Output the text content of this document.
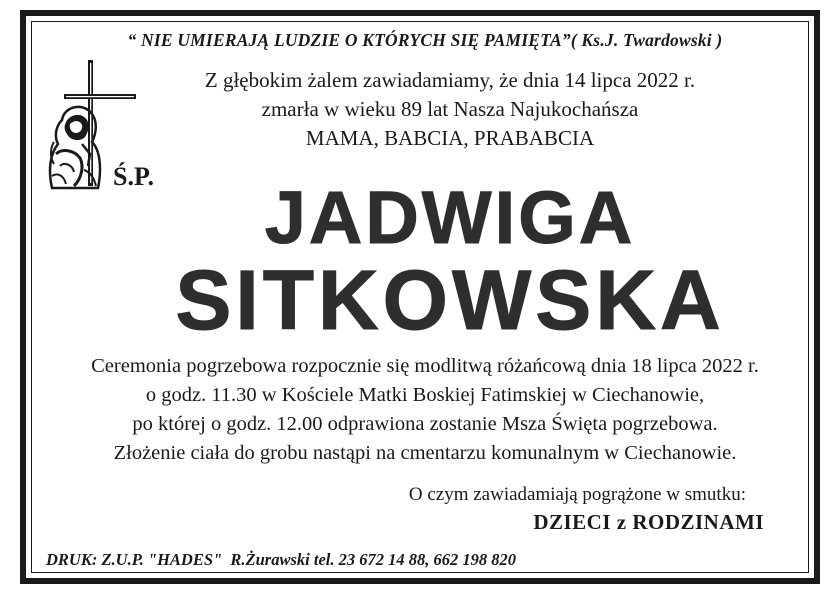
“ NIE UMIERAJĄ LUDZIE O KTÓRYCH SIĘ PAMIĘTA”( Ks.J. Twardowski )
Z głębokim żalem zawiadamiamy, że dnia 14 lipca 2022 r.
zmarła w wieku 89 lat Nasza Najukochańsza
MAMA, BABCIA, PRABABCIA
Ś.P.	JADWIGA
SITKOWSKA
Ceremonia pogrzebowa rozpocznie się modlitwą różańcową dnia 18 lipca 2022 r.
o godz. 11.30 w Kościele Matki Boskiej Fatimskiej w Ciechanowie,
po której o godz. 12.00 odprawiona zostanie Msza Święta pogrzebowa.
Złożenie ciała do grobu nastąpi na cmentarzu komunalnym w Ciechanowie.
O czym zawiadamiają pogrążone w smutku:
DZIECI z RODZINAMI
DRUK: Z.U.P. "HADES"  R.Żurawski tel. 23 672 14 88, 662 198 820
